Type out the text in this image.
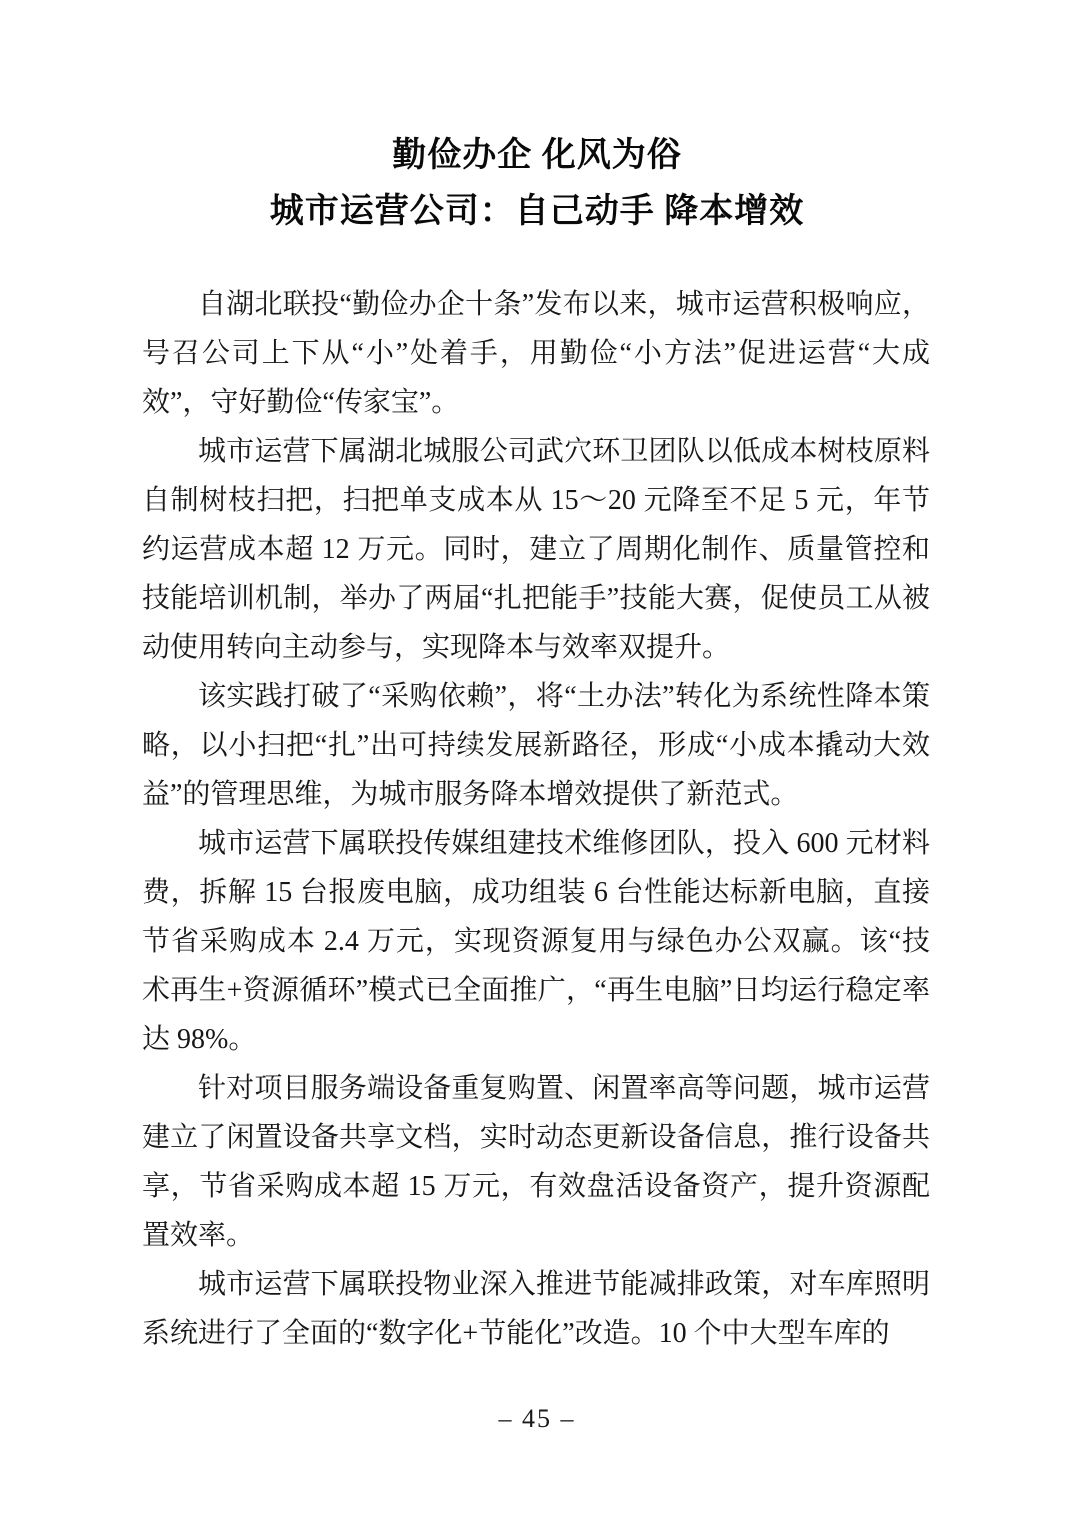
勤俭办企 化风为俗
城市运营公司：自己动手 降本增效

自湖北联投“勤俭办企十条”发布以来，城市运营积极响应，号召公司上下从“小”处着手，用勤俭“小方法”促进运营“大成效”，守好勤俭“传家宝”。

城市运营下属湖北城服公司武穴环卫团队以低成本树枝原料自制树枝扫把，扫把单支成本从 15～20 元降至不足 5 元，年节约运营成本超 12 万元。同时，建立了周期化制作、质量管控和技能培训机制，举办了两届“扎把能手”技能大赛，促使员工从被动使用转向主动参与，实现降本与效率双提升。

该实践打破了“采购依赖”，将“土办法”转化为系统性降本策略，以小扫把“扎”出可持续发展新路径，形成“小成本撬动大效益”的管理思维，为城市服务降本增效提供了新范式。

城市运营下属联投传媒组建技术维修团队，投入 600 元材料费，拆解 15 台报废电脑，成功组装 6 台性能达标新电脑，直接节省采购成本 2.4 万元，实现资源复用与绿色办公双赢。该“技术再生+资源循环”模式已全面推广，“再生电脑”日均运行稳定率达 98%。

针对项目服务端设备重复购置、闲置率高等问题，城市运营建立了闲置设备共享文档，实时动态更新设备信息，推行设备共享，节省采购成本超 15 万元，有效盘活设备资产，提升资源配置效率。

城市运营下属联投物业深入推进节能减排政策，对车库照明系统进行了全面的“数字化+节能化”改造。10 个中大型车库的

– 45 –
